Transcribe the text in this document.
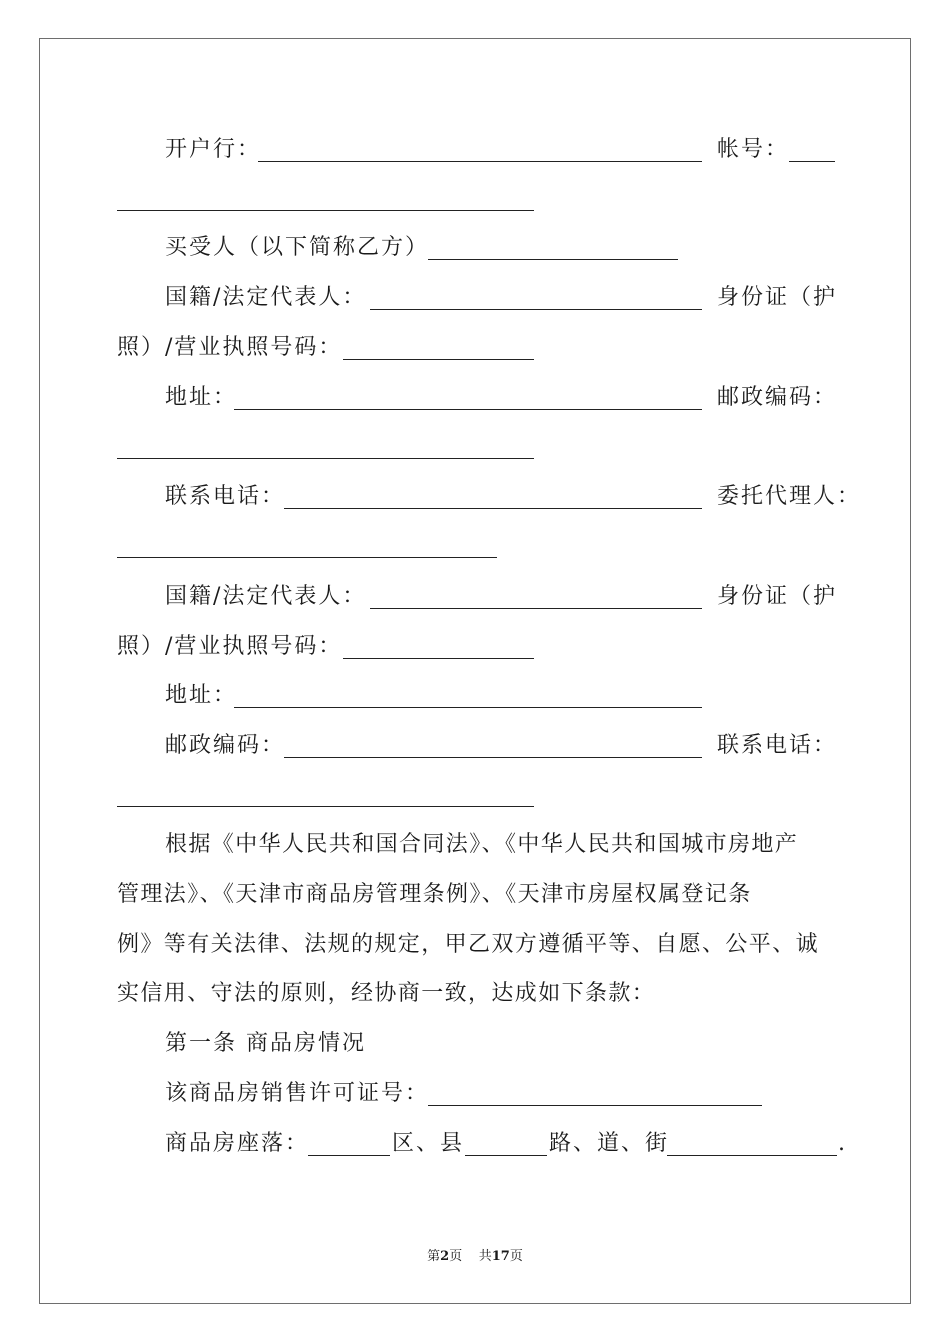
开户行：	帐号：
买受人（以下简称乙方）
国籍/法定代表人：	身份证（护
照）/营业执照号码：
地址：	邮政编码：
联系电话：	委托代理人：
国籍/法定代表人：	身份证（护
照）/营业执照号码：
地址：
邮政编码：	联系电话：
根据《中华人民共和国合同法》、《中华人民共和国城市房地产
管理法》、《天津市商品房管理条例》、《天津市房屋权属登记条
例》等有关法律、法规的规定，甲乙双方遵循平等、自愿、公平、诚
实信用、守法的原则，经协商一致，达成如下条款：
第一条 商品房情况
该商品房销售许可证号：
商品房座落：	区、县	路、道、街	.
第2页 共17页
